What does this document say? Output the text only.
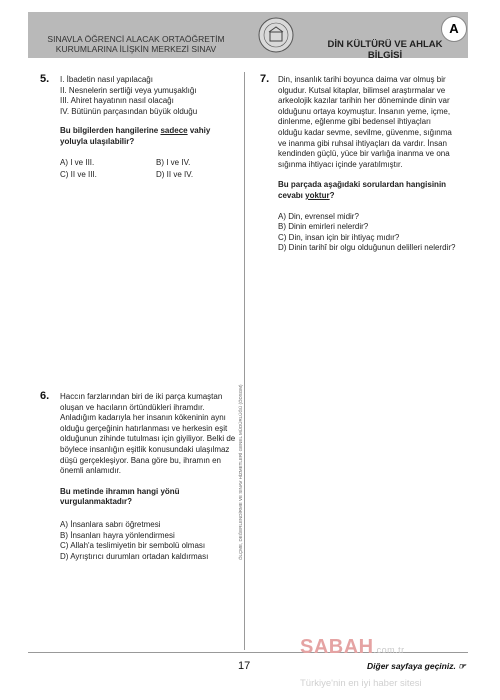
SINAVLA ÖĞRENCİ ALACAK ORTAÖĞRETİM
KURUMLARINA İLİŞKİN MERKEZİ SINAV	DİN KÜLTÜRÜ VE AHLAK BİLGİSİ
A
ÖLÇME, DEĞERLENDİRME VE SINAV HİZMETLERİ GENEL MÜDÜRLÜĞÜ (ÖDSGM)
5. I. İbadetin nasıl yapılacağı
II. Nesnelerin sertliği veya yumuşaklığı
III. Ahiret hayatının nasıl olacağı
IV. Bütünün parçasından büyük olduğu
Bu bilgilerden hangilerine sadece vahiy yoluyla ulaşılabilir?
A) I ve III.	B) I ve IV.
C) II ve III.	D) II ve IV.
7. Din, insanlık tarihi boyunca daima var olmuş bir olgudur. Kutsal kitaplar, bilimsel araştırmalar ve arkeolojik kazılar tarihin her döneminde dinin var olduğunu ortaya koymuştur. İnsanın yeme, içme, dinlenme, eğlenme gibi bedensel ihtiyaçları olduğu kadar sevme, sevilme, güvenme, sığınma ve inanma gibi ruhsal ihtiyaçları da vardır. İnsan kendinden güçlü, yüce bir varlığa inanma ve ona sığınma ihtiyacı içinde yaratılmıştır.
Bu parçada aşağıdaki sorulardan hangisinin cevabı yoktur?
A) Din, evrensel midir?
B) Dinin emirleri nelerdir?
C) Din, insan için bir ihtiyaç mıdır?
D) Dinin tarihî bir olgu olduğunun delilleri nelerdir?
6. Haccın farzlarından biri de iki parça kumaştan oluşan ve hacıların örtündükleri ihramdır. Anladığım kadarıyla her insanın kökeninin aynı olduğu gerçeğinin hatırlanması ve herkesin eşit olduğunun zihinde tutulması için giyiliyor. Belki de böylece insanlığın eşitlik konusundaki ulaşılmaz düşü gerçekleşiyor. Bana göre bu, ihramın en önemli anlamıdır.
Bu metinde ihramın hangi yönü vurgulanmaktadır?
A) İnsanlara sabrı öğretmesi
B) İnsanları hayra yönlendirmesi
C) Allah'a teslimiyetin bir sembolü olması
D) Ayrıştırıcı durumları ortadan kaldırması
17
SABAH.com.tr
Diğer sayfaya geçiniz. ☞
Türkiye'nin en iyi haber sitesi
